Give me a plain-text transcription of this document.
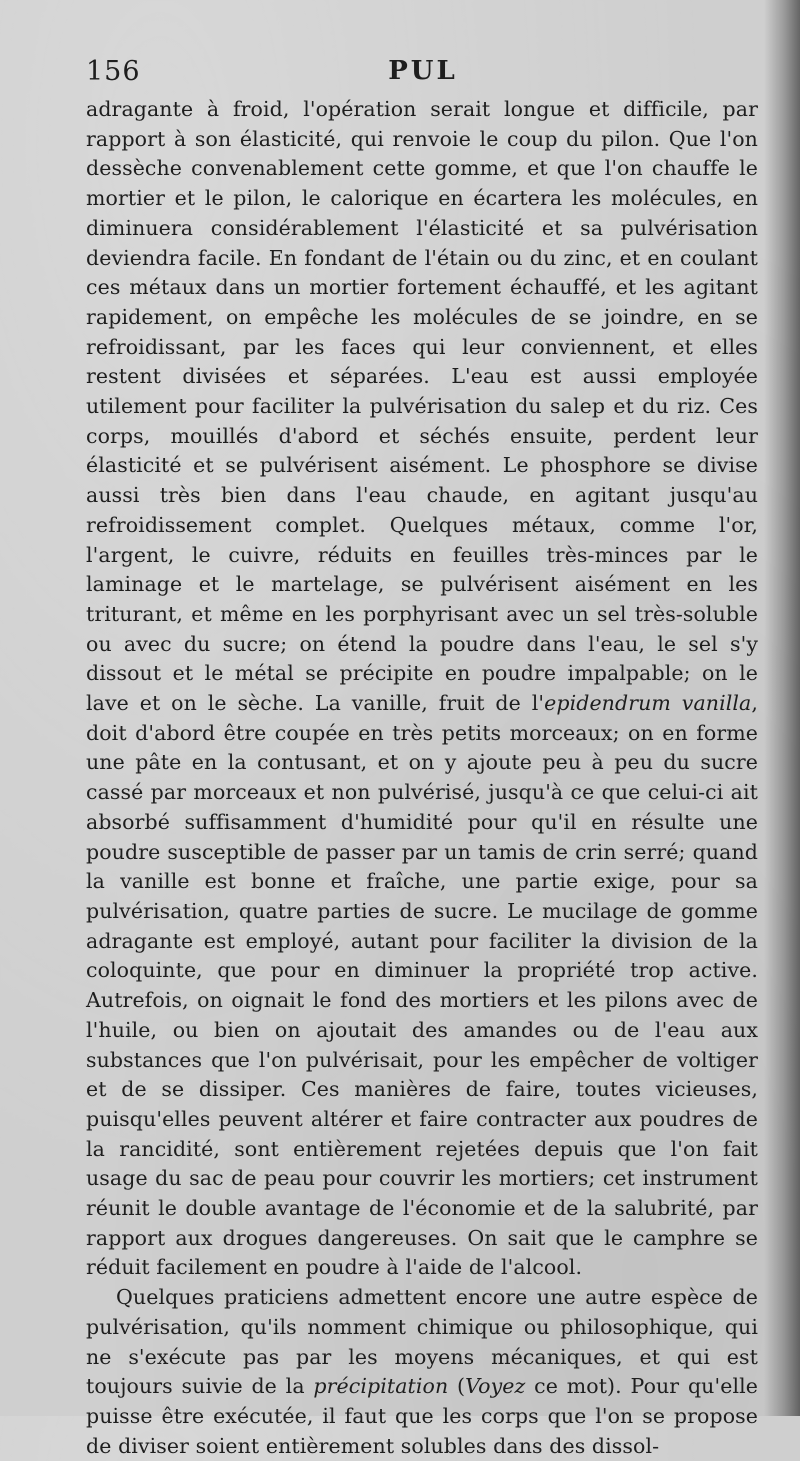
156	PUL

adragante à froid, l'opération serait longue et difficile, par rapport à son élasticité, qui renvoie le coup du pilon. Que l'on dessèche convenablement cette gomme, et que l'on chauffe le mortier et le pilon, le calorique en écartera les molécules, en diminuera considérablement l'élasticité et sa pulvérisation deviendra facile. En fondant de l'étain ou du zinc, et en coulant ces métaux dans un mortier fortement échauffé, et les agitant rapidement, on empêche les molécules de se joindre, en se refroidissant, par les faces qui leur conviennent, et elles restent divisées et séparées. L'eau est aussi employée utilement pour faciliter la pulvérisation du salep et du riz. Ces corps, mouillés d'abord et séchés ensuite, perdent leur élasticité et se pulvérisent aisément. Le phosphore se divise aussi très bien dans l'eau chaude, en agitant jusqu'au refroidissement complet. Quelques métaux, comme l'or, l'argent, le cuivre, réduits en feuilles très-minces par le laminage et le martelage, se pulvérisent aisément en les triturant, et même en les porphyrisant avec un sel très-soluble ou avec du sucre; on étend la poudre dans l'eau, le sel s'y dissout et le métal se précipite en poudre impalpable; on le lave et on le sèche. La vanille, fruit de l'epidendrum vanilla, doit d'abord être coupée en très petits morceaux; on en forme une pâte en la contusant, et on y ajoute peu à peu du sucre cassé par morceaux et non pulvérisé, jusqu'à ce que celui-ci ait absorbé suffisamment d'humidité pour qu'il en résulte une poudre susceptible de passer par un tamis de crin serré; quand la vanille est bonne et fraîche, une partie exige, pour sa pulvérisation, quatre parties de sucre. Le mucilage de gomme adragante est employé, autant pour faciliter la division de la coloquinte, que pour en diminuer la propriété trop active. Autrefois, on oignait le fond des mortiers et les pilons avec de l'huile, ou bien on ajoutait des amandes ou de l'eau aux substances que l'on pulvérisait, pour les empêcher de voltiger et de se dissiper. Ces manières de faire, toutes vicieuses, puisqu'elles peuvent altérer et faire contracter aux poudres de la rancidité, sont entièrement rejetées depuis que l'on fait usage du sac de peau pour couvrir les mortiers; cet instrument réunit le double avantage de l'économie et de la salubrité, par rapport aux drogues dangereuses. On sait que le camphre se réduit facilement en poudre à l'aide de l'alcool.

Quelques praticiens admettent encore une autre espèce de pulvérisation, qu'ils nomment chimique ou philosophique, qui ne s'exécute pas par les moyens mécaniques, et qui est toujours suivie de la précipitation (Voyez ce mot). Pour qu'elle puisse être exécutée, il faut que les corps que l'on se propose de diviser soient entièrement solubles dans des dissol-
